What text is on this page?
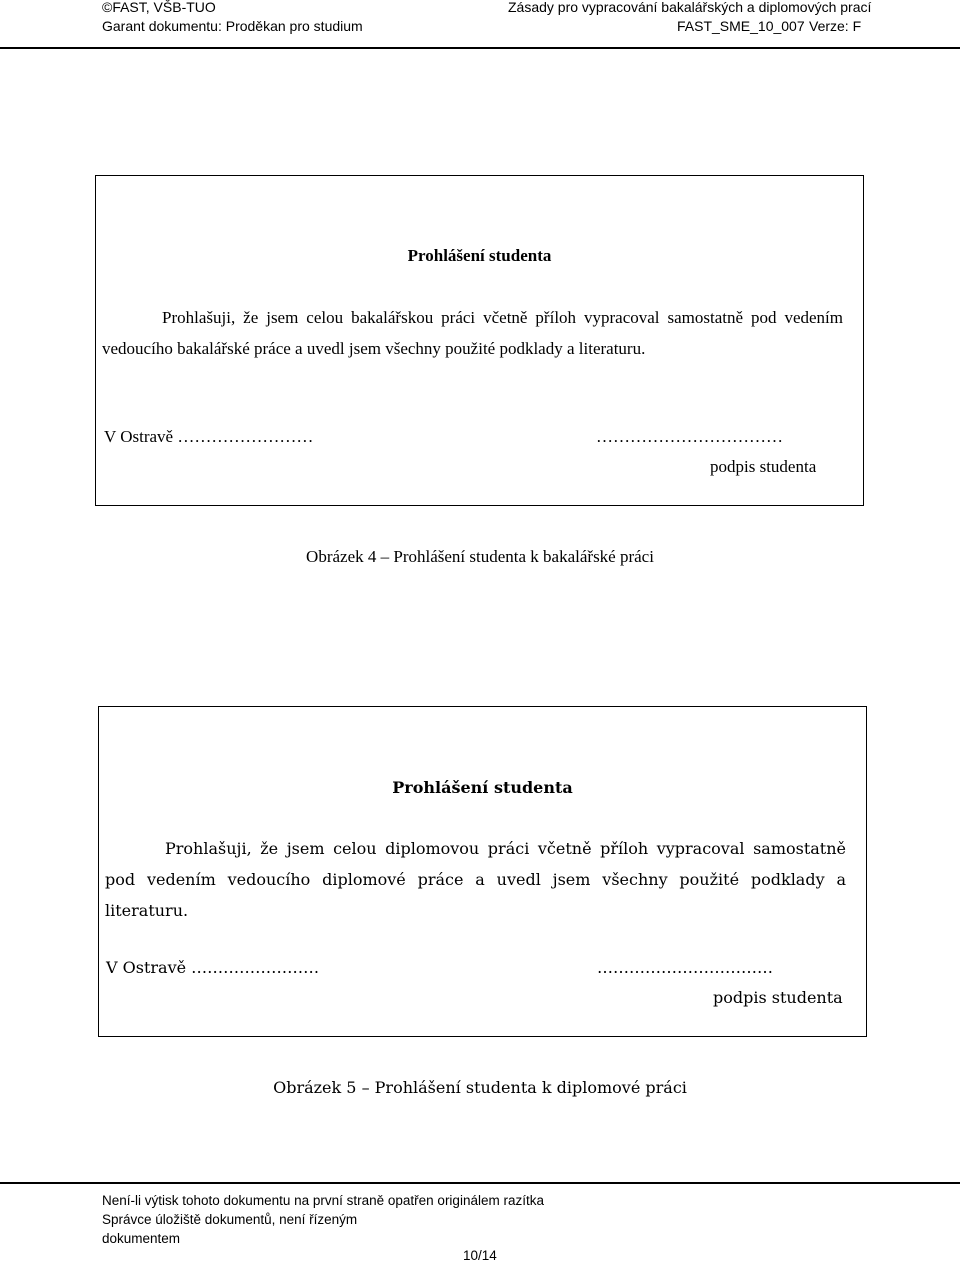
©FAST, VŠB-TUO
Garant dokumentu: Proděkan pro studium
Zásady pro vypracování bakalářských a diplomových prací
FAST_SME_10_007 Verze: F
Prohlášení studenta
Prohlašuji, že jsem celou bakalářskou práci včetně příloh vypracoval samostatně pod vedením vedoucího bakalářské práce a uvedl jsem všechny použité podklady a literaturu.
V Ostravě ……………………	……………………………
podpis studenta
Obrázek 4 – Prohlášení studenta k bakalářské práci
Prohlášení studenta
Prohlašuji, že jsem celou diplomovou práci včetně příloh vypracoval samostatně pod vedením vedoucího diplomové práce a uvedl jsem všechny použité podklady a literaturu.
V Ostravě ……………………	……………………………
podpis studenta
Obrázek 5 – Prohlášení studenta k diplomové práci
Není-li výtisk tohoto dokumentu na první straně opatřen originálem razítka
Správce úložiště dokumentů, není řízeným
dokumentem
10/14
